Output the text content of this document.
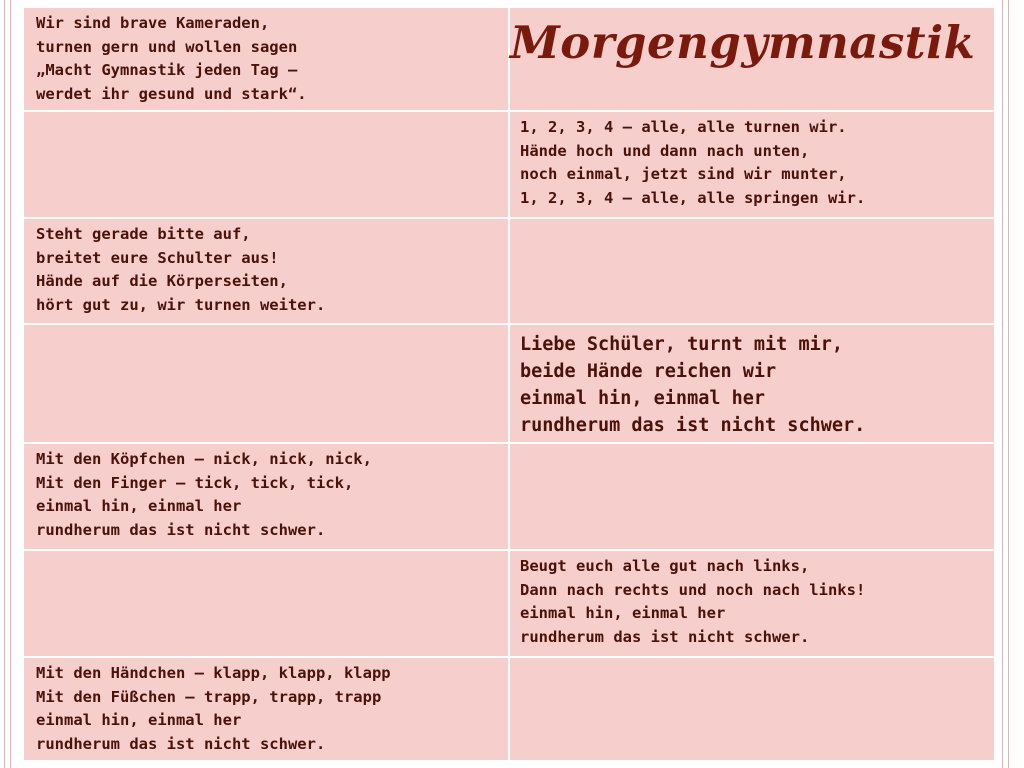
Wir sind brave Kameraden,
turnen gern und wollen sagen
„Macht Gymnastik jeden Tag –
werdet ihr gesund und stark“.	Morgengymnastik

	1, 2, 3, 4 – alle, alle turnen wir.
Hände hoch und dann nach unten,
noch einmal, jetzt sind wir munter,
1, 2, 3, 4 – alle, alle springen wir.

Steht gerade bitte auf,
breitet eure Schulter aus!
Hände auf die Körperseiten,
hört gut zu, wir turnen weiter.	

	Liebe Schüler, turnt mit mir,
beide Hände reichen wir
einmal hin, einmal her
rundherum das ist nicht schwer.

Mit den Köpfchen – nick, nick, nick,
Mit den Finger – tick, tick, tick,
einmal hin, einmal her
rundherum das ist nicht schwer.	

	Beugt euch alle gut nach links,
Dann nach rechts und noch nach links!
einmal hin, einmal her
rundherum das ist nicht schwer.

Mit den Händchen – klapp, klapp, klapp
Mit den Füßchen – trapp, trapp, trapp
einmal hin, einmal her
rundherum das ist nicht schwer.	
